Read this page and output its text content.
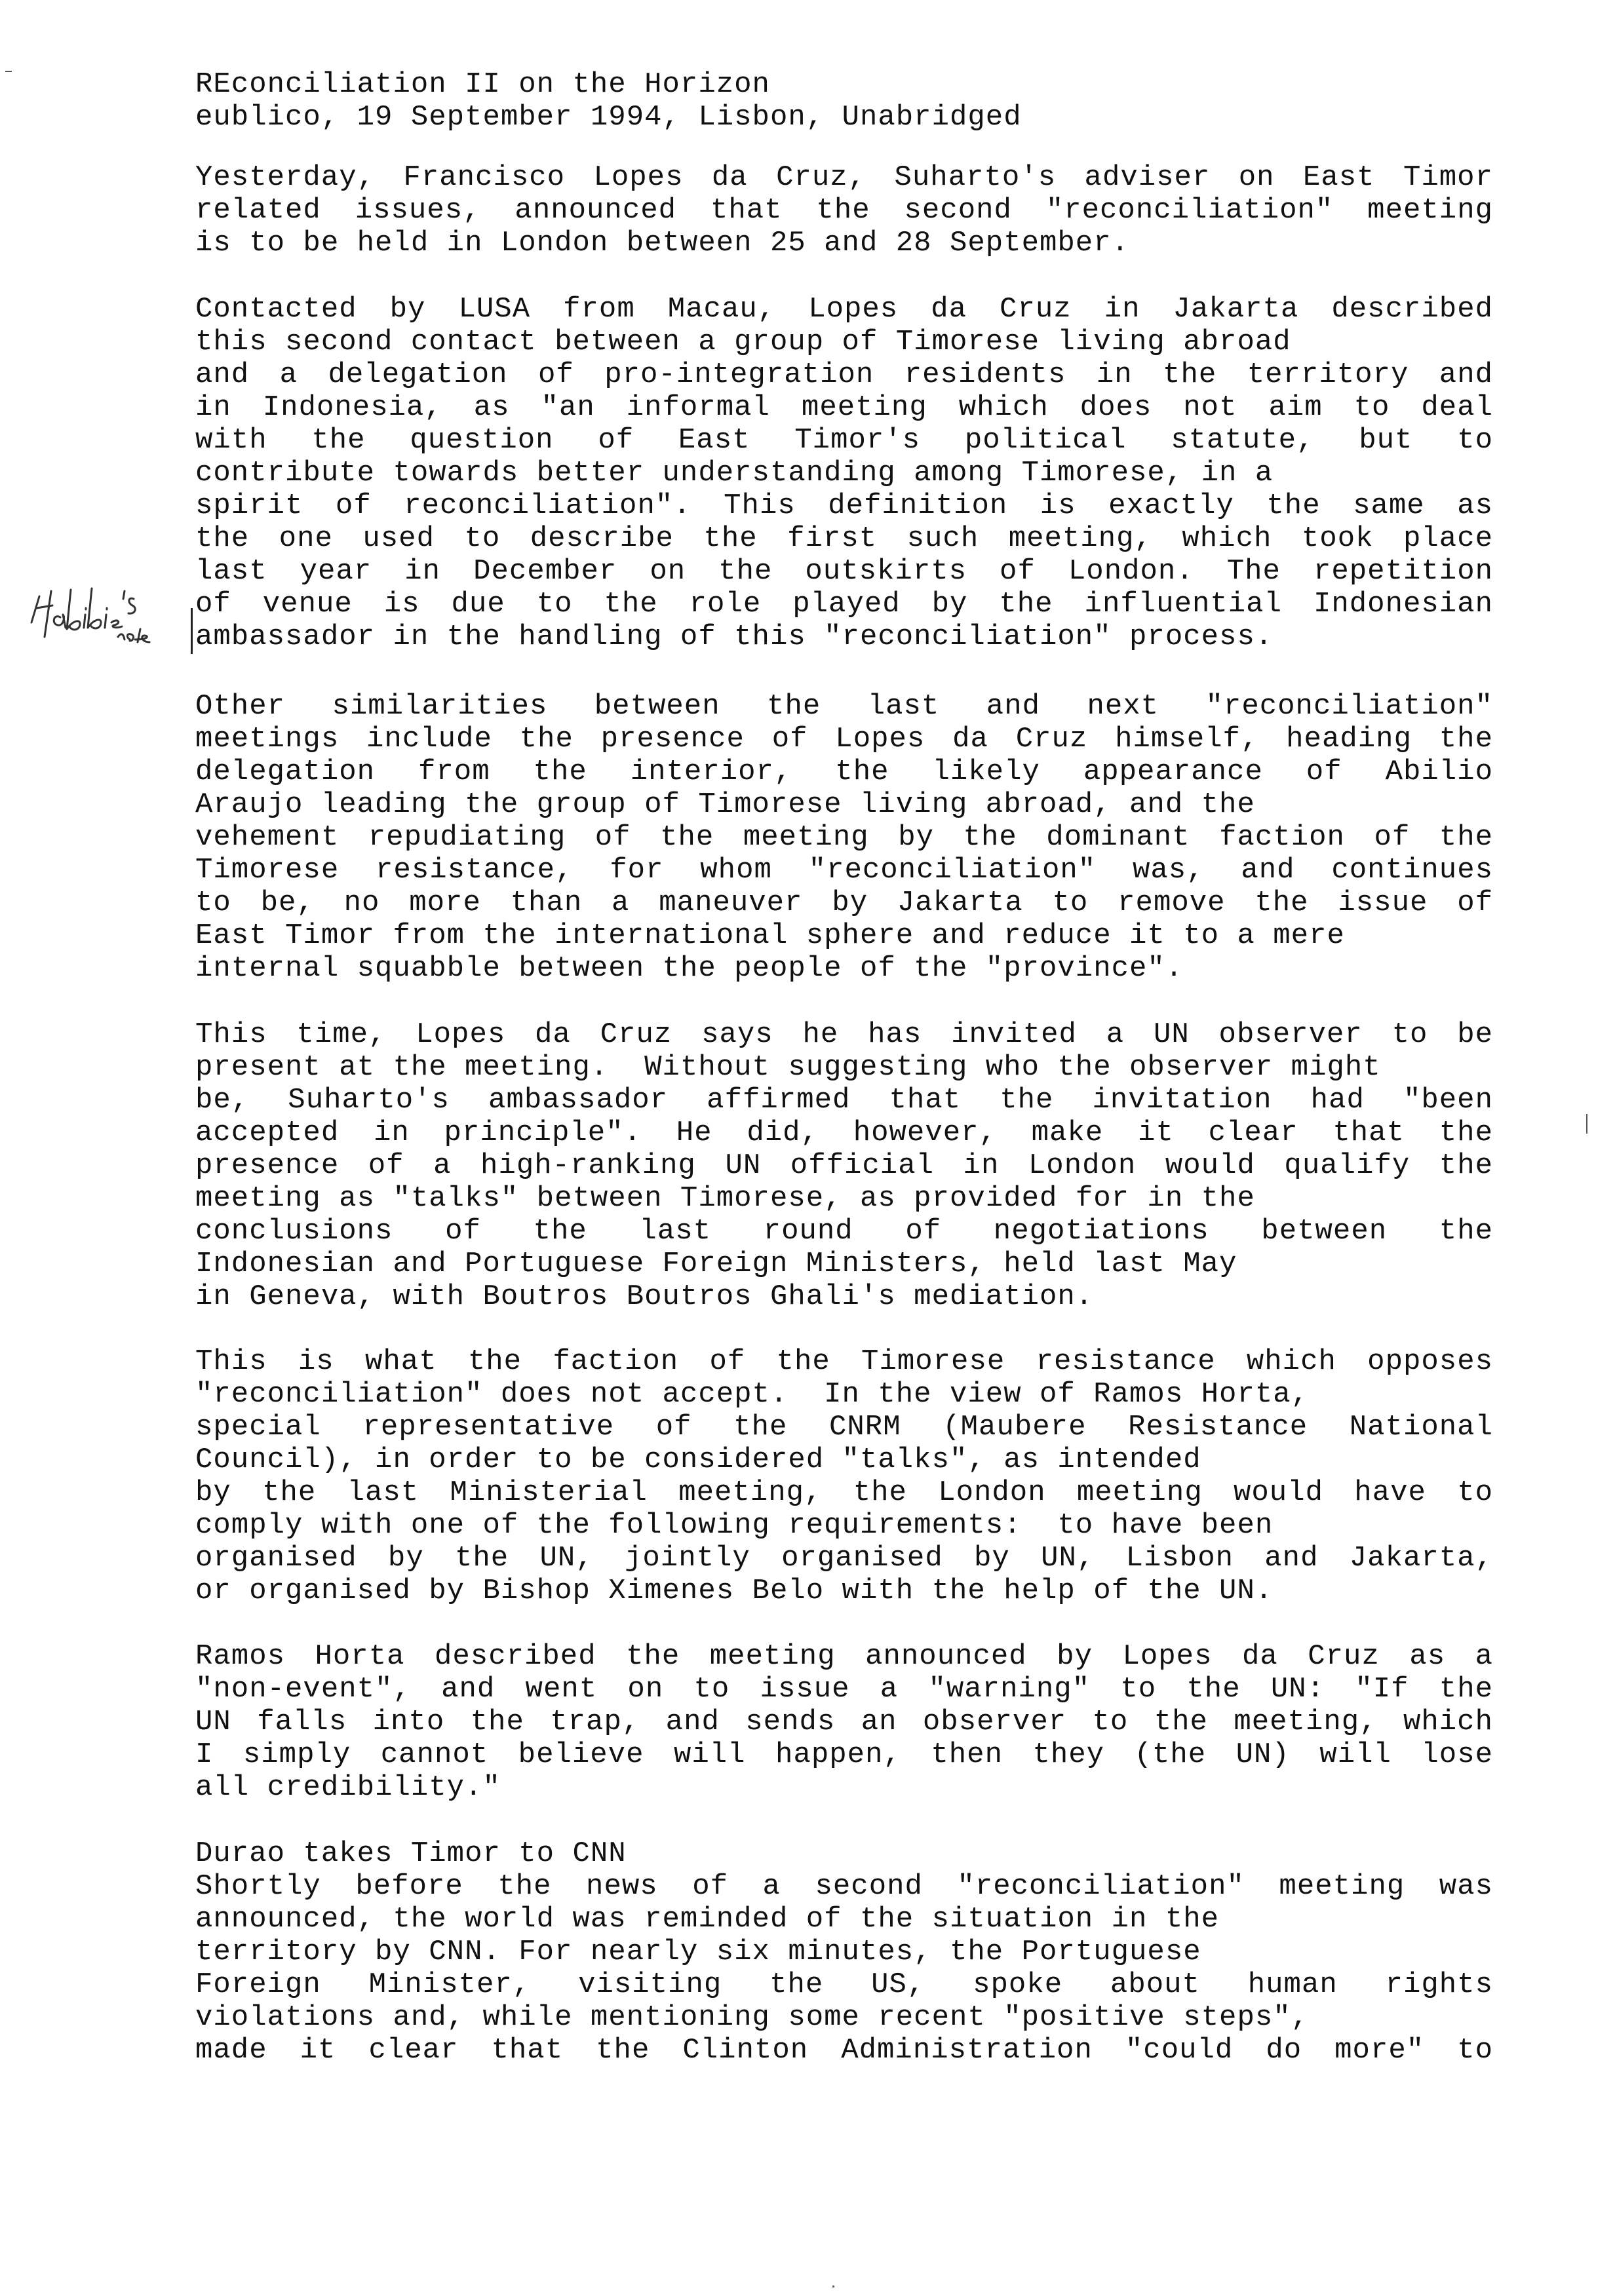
REconciliation II on the Horizon
eublico, 19 September 1994, Lisbon, Unabridged
Yesterday, Francisco Lopes da Cruz, Suharto's adviser on East Timor
related issues, announced that the second "reconciliation" meeting
is to be held in London between 25 and 28 September.
Contacted by LUSA from Macau, Lopes da Cruz in Jakarta described
this second contact between a group of Timorese living abroad
and a delegation of pro-integration residents in the territory and
in Indonesia, as "an informal meeting which does not aim to deal
with the question of East Timor's political statute, but to
contribute towards better understanding among Timorese, in a
spirit of reconciliation". This definition is exactly the same as
the one used to describe the first such meeting, which took place
last year in December on the outskirts of London. The repetition
of venue is due to the role played by the influential Indonesian
ambassador in the handling of this "reconciliation" process.
Other similarities between the last and next "reconciliation"
meetings include the presence of Lopes da Cruz himself, heading the
delegation from the interior, the likely appearance of Abilio
Araujo leading the group of Timorese living abroad, and the
vehement repudiating of the meeting by the dominant faction of the
Timorese resistance, for whom "reconciliation" was, and continues
to be, no more than a maneuver by Jakarta to remove the issue of
East Timor from the international sphere and reduce it to a mere
internal squabble between the people of the "province".
This time, Lopes da Cruz says he has invited a UN observer to be
present at the meeting.  Without suggesting who the observer might
be, Suharto's ambassador affirmed that the invitation had "been
accepted in principle". He did, however, make it clear that the
presence of a high-ranking UN official in London would qualify the
meeting as "talks" between Timorese, as provided for in the
conclusions of the last round of negotiations between the
Indonesian and Portuguese Foreign Ministers, held last May
in Geneva, with Boutros Boutros Ghali's mediation.
This is what the faction of the Timorese resistance which opposes
"reconciliation" does not accept.  In the view of Ramos Horta,
special representative of the CNRM (Maubere Resistance National
Council), in order to be considered "talks", as intended
by the last Ministerial meeting, the London meeting would have to
comply with one of the following requirements:  to have been
organised by the UN, jointly organised by UN, Lisbon and Jakarta,
or organised by Bishop Ximenes Belo with the help of the UN.
Ramos Horta described the meeting announced by Lopes da Cruz as a
"non-event", and went on to issue a "warning" to the UN: "If the
UN falls into the trap, and sends an observer to the meeting, which
I simply cannot believe will happen, then they (the UN) will lose
all credibility."
Durao takes Timor to CNN
Shortly before the news of a second "reconciliation" meeting was
announced, the world was reminded of the situation in the
territory by CNN. For nearly six minutes, the Portuguese
Foreign Minister, visiting the US, spoke about human rights
violations and, while mentioning some recent "positive steps",
made it clear that the Clinton Administration "could do more" to
